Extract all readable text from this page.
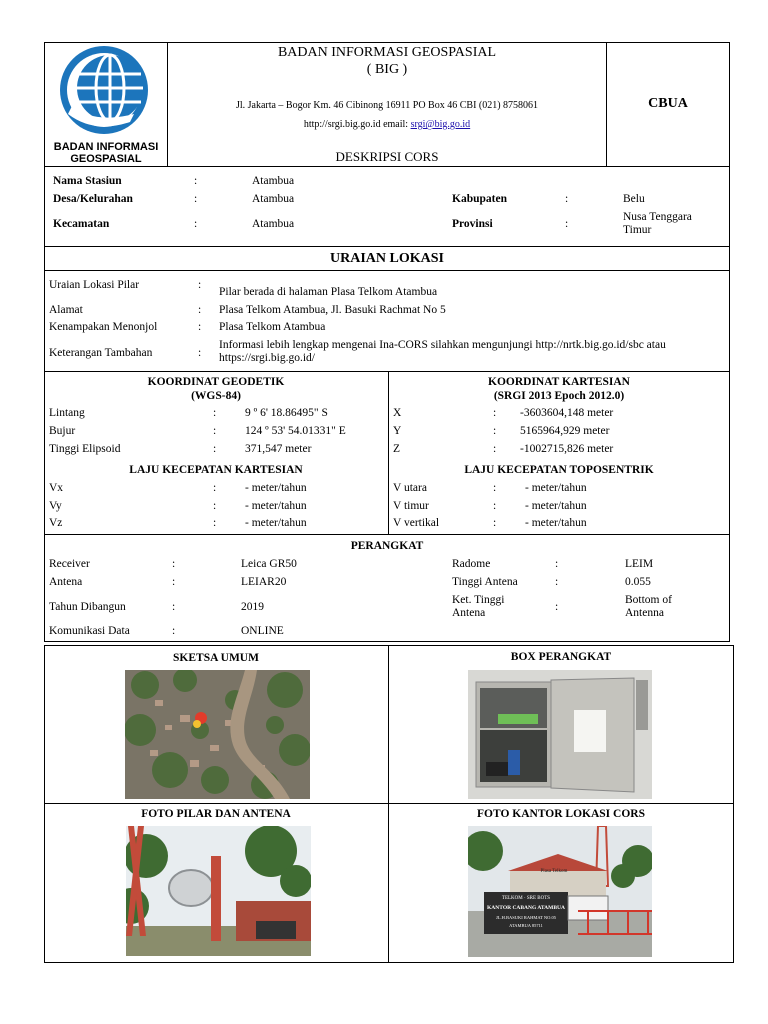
BADAN INFORMASI
GEOSPASIAL
BADAN INFORMASI GEOSPASIAL
( BIG )
Jl. Jakarta – Bogor Km. 46 Cibinong 16911 PO Box 46 CBI (021) 8758061
http://srgi.big.go.id email: srgi@big.go.id
DESKRIPSI CORS
CBUA
Nama Stasiun	:	Atambua
Desa/Kelurahan	:	Atambua	Kabupaten	:	Belu
Kecamatan	:	Atambua	Provinsi	:
Nusa Tenggara Timur
URAIAN LOKASI
Uraian Lokasi Pilar	:
Pilar berada di halaman Plasa Telkom Atambua
Alamat	: Plasa Telkom Atambua, Jl. Basuki Rachmat No 5
Kenampakan Menonjol	: Plasa Telkom Atambua
Keterangan Tambahan	:
Informasi lebih lengkap mengenai Ina-CORS silahkan mengunjungi http://nrtk.big.go.id/sbc atau https://srgi.big.go.id/
KOORDINAT GEODETIK
(WGS-84)
KOORDINAT KARTESIAN
(SRGI 2013 Epoch 2012.0)
Lintang	:	9 º 6' 18.86495" S
Bujur	:	124 º 53' 54.01331" E
Tinggi Elipsoid	:	371,547 meter
X	: -3603604,148 meter
Y	: 5165964,929 meter
Z	: -1002715,826 meter
LAJU KECEPATAN KARTESIAN	LAJU KECEPATAN TOPOSENTRIK
Vx	:	- meter/tahun
Vy	:	- meter/tahun
Vz	:	- meter/tahun
V utara	:	- meter/tahun
V timur	:	- meter/tahun
V vertikal	:	- meter/tahun
PERANGKAT
Receiver	:	Leica GR50
Antena	:	LEIAR20
Tahun Dibangun	:	2019
Komunikasi Data	:	ONLINE
Radome	:	LEIM
Tinggi Antena	:	0.055
Ket. Tinggi Antena	:
Bottom of Antenna
SKETSA UMUM	BOX PERANGKAT
FOTO PILAR DAN ANTENA	FOTO KANTOR LOKASI CORS
Plasa Telkom
TELKOM · SRE BOTS
KANTOR CABANG ATAMBUA
JL.H.BASUKI RAHMAT NO.05
ATAMBUA 85711
